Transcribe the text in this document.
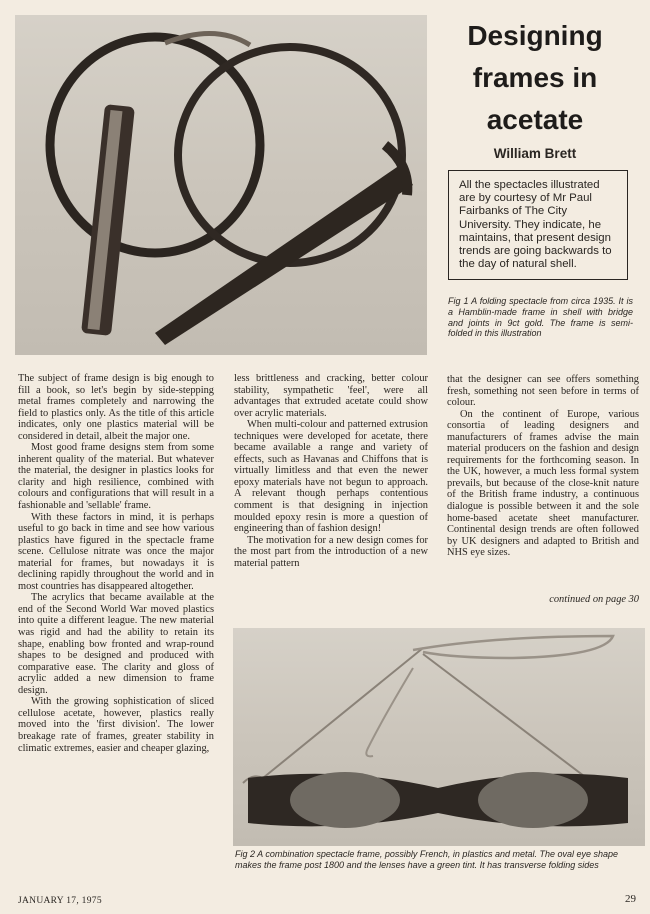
Designing frames in acetate
William Brett
All the spectacles illustrated are by courtesy of Mr Paul Fairbanks of The City University. They indicate, he maintains, that present design trends are going backwards to the day of natural shell.
Fig 1 A folding spectacle from circa 1935. It is a Hamblin-made frame in shell with bridge and joints in 9ct gold. The frame is semi-folded in this illustration

The subject of frame design is big enough to fill a book, so let's begin by side-stepping metal frames completely and narrowing the field to plastics only. As the title of this article indicates, only one plastics material will be considered in detail, albeit the major one.

Most good frame designs stem from some inherent quality of the material. But whatever the material, the designer in plastics looks for clarity and high resilience, combined with colours and configurations that will result in a fashionable and 'sellable' frame.

With these factors in mind, it is perhaps useful to go back in time and see how various plastics have figured in the spectacle frame scene. Cellulose nitrate was once the major material for frames, but nowadays it is declining rapidly throughout the world and in most countries has disappeared altogether.

The acrylics that became available at the end of the Second World War moved plastics into quite a different league. The new material was rigid and had the ability to retain its shape, enabling bow fronted and wrap-round shapes to be designed and produced with comparative ease. The clarity and gloss of acrylic added a new dimension to frame design.

With the growing sophistication of sliced cellulose acetate, however, plastics really moved into the 'first division'. The lower breakage rate of frames, greater stability in climatic extremes, easier and cheaper glazing,

less brittleness and cracking, better colour stability, sympathetic 'feel', were all advantages that extruded acetate could show over acrylic materials.

When multi-colour and patterned extrusion techniques were developed for acetate, there became available a range and variety of effects, such as Havanas and Chiffons that is virtually limitless and that even the newer epoxy materials have not begun to approach. A relevant though perhaps contentious comment is that designing in injection moulded epoxy resin is more a question of engineering than of fashion design!

The motivation for a new design comes for the most part from the introduction of a new material pattern

that the designer can see offers something fresh, something not seen before in terms of colour.

On the continent of Europe, various consortia of leading designers and manufacturers of frames advise the main material producers on the fashion and design requirements for the forthcoming season. In the UK, however, a much less formal system prevails, but because of the close-knit nature of the British frame industry, a continuous dialogue is possible between it and the sole home-based acetate sheet manufacturer. Continental design trends are often followed by UK designers and adapted to British and NHS eye sizes.

continued on page 30
Fig 2 A combination spectacle frame, possibly French, in plastics and metal. The oval eye shape makes the frame post 1800 and the lenses have a green tint. It has transverse folding sides
JANUARY 17, 1975	29
